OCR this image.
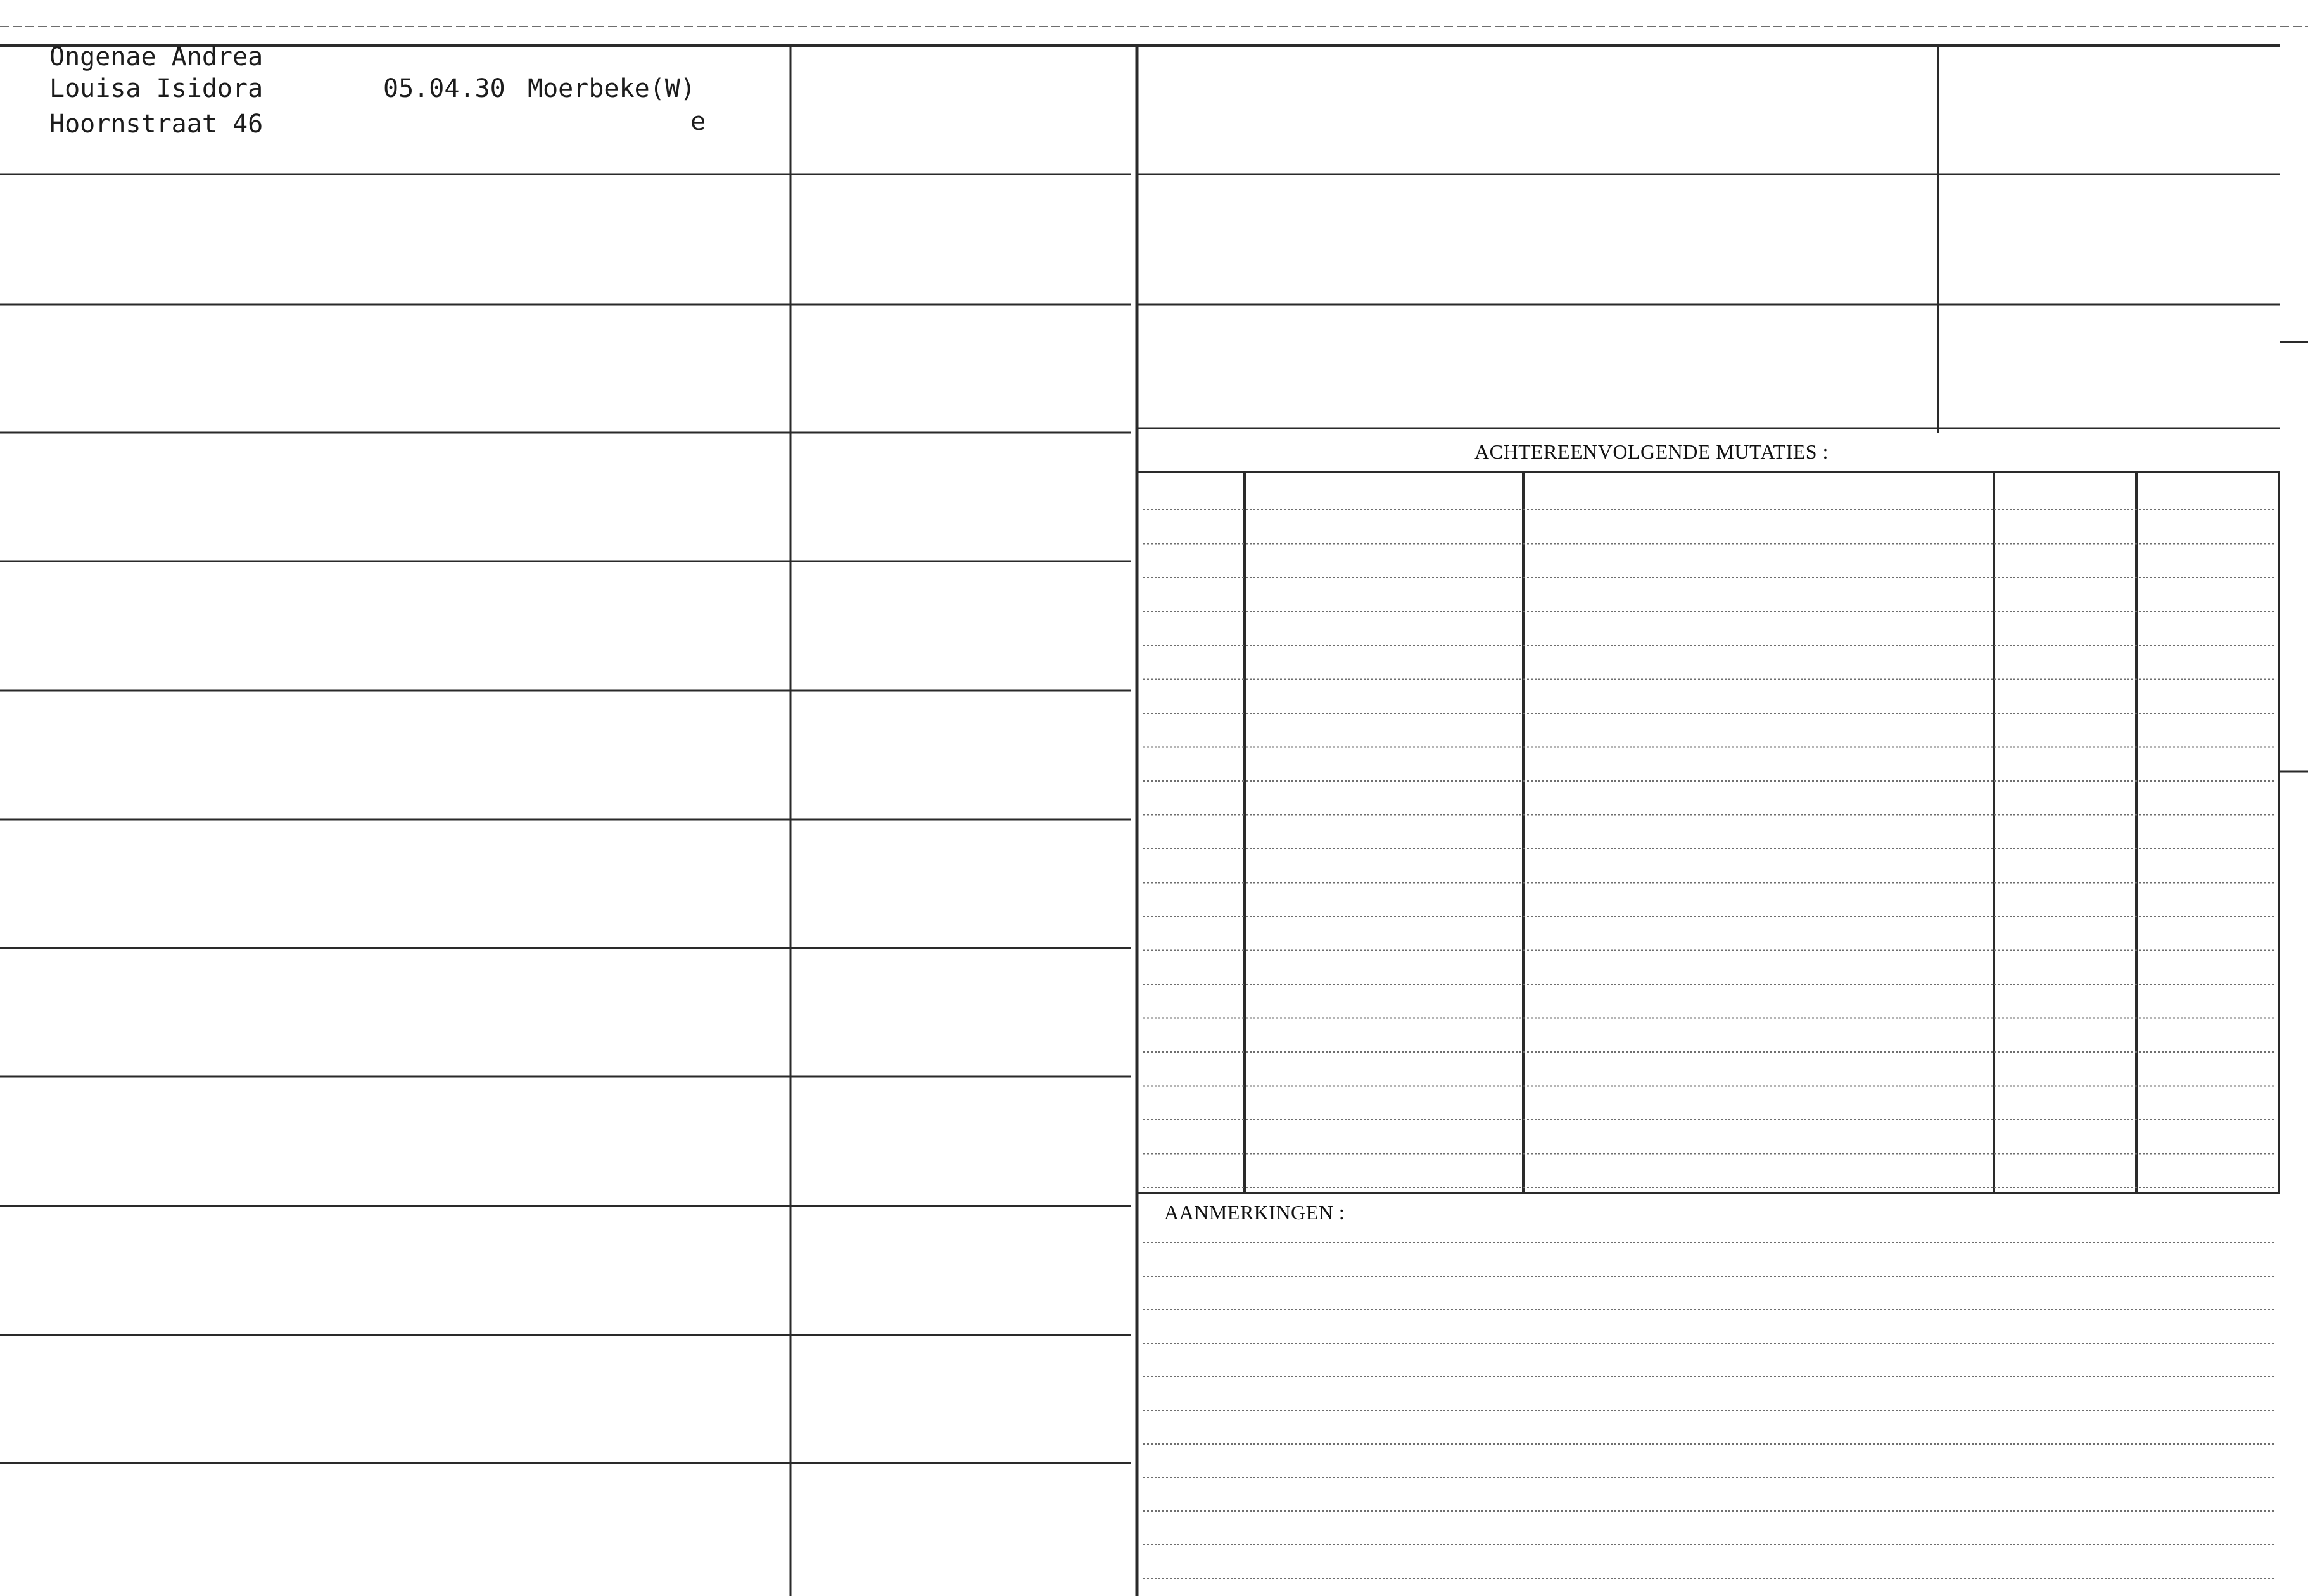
Ongenae Andrea
Louisa Isidora
Hoornstraat 46
05.04.30 Moerbeke(W)
e
ACHTEREENVOLGENDE MUTATIES :
AANMERKINGEN :
